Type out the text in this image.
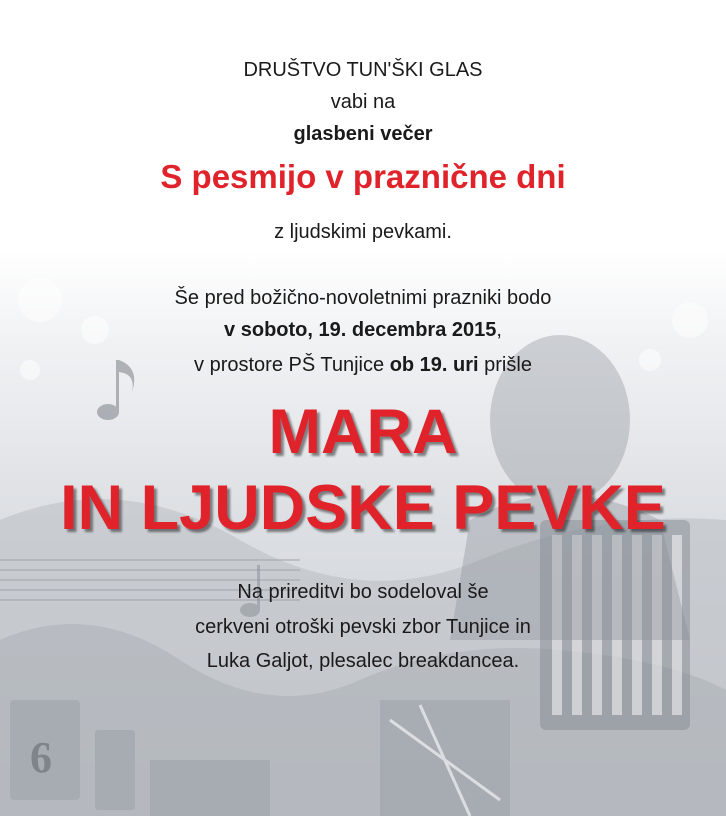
6
DRUŠTVO TUN'ŠKI GLAS
vabi na
glasbeni večer
S pesmijo v praznične dni
z ljudskimi pevkami.
Še pred božično-novoletnimi prazniki bodo
v soboto, 19. decembra 2015,
v prostore PŠ Tunjice ob 19. uri prišle
MARA
IN LJUDSKE PEVKE
Na prireditvi bo sodeloval še
cerkveni otroški pevski zbor Tunjice in
Luka Galjot, plesalec breakdancea.
